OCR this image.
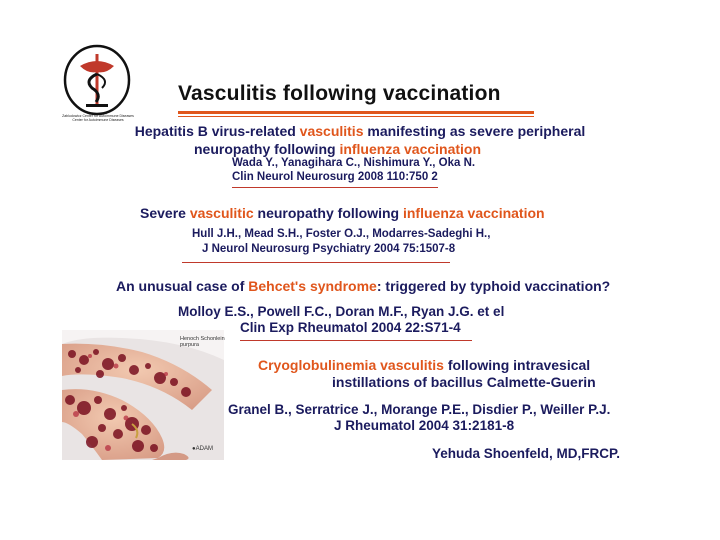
Zabludowicz Center for Autoimmune Diseases
Center for Autoimmune Diseases
Vasculitis following vaccination
Hepatitis B virus-related vasculitis manifesting as severe peripheral
neuropathy following influenza vaccination
Wada Y., Yanagihara C., Nishimura Y., Oka N.
Clin Neurol Neurosurg 2008 110:750 2
Severe vasculitic neuropathy following influenza vaccination
Hull J.H., Mead S.H., Foster O.J., Modarres-Sadeghi H.,
J Neurol Neurosurg Psychiatry 2004 75:1507-8
An unusual case of Behcet's syndrome: triggered by typhoid vaccination?
Molloy E.S., Powell F.C., Doran M.F., Ryan J.G. et el
Clin Exp Rheumatol 2004 22:S71-4
Cryoglobulinemia vasculitis following intravesical
instillations of bacillus Calmette-Guerin
Granel B., Serratrice J., Morange P.E., Disdier P., Weiller P.J.
J Rheumatol 2004 31:2181-8
Yehuda Shoenfeld, MD,FRCP.
Henoch Schonlein
purpura
●ADAM
